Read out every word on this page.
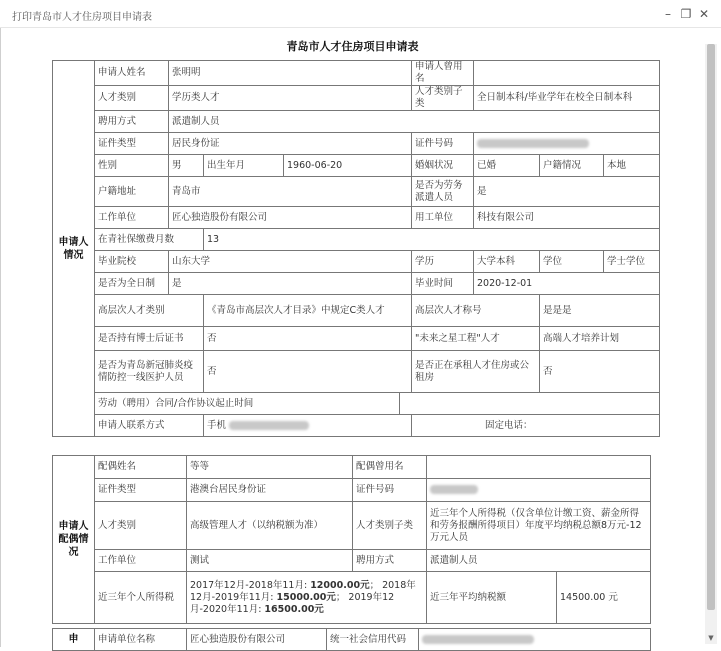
打印青岛市人才住房项目申请表	– ❐ ✕
青岛市人才住房项目申请表
申请人情况	申请人姓名	张明明				申请人曾用名			
	人才类别	学历类人才				人才类别子类	全日制本科/毕业学年在校全日制本科		
	聘用方式	派遣制人员							
	证件类型	居民身份证				证件号码			
	性别	男	出生年月	1960-06-20		婚姻状况	已婚	户籍情况	本地
	户籍地址	青岛市				是否为劳务派遣人员	是		
	工作单位	匠心独造股份有限公司				用工单位	科技有限公司		
	在青社保缴费月数		13						
	毕业院校	山东大学				学历	大学本科	学位	学士学位
	是否为全日制	是				毕业时间	2020-12-01		
	高层次人才类别		《青岛市高层次人才目录》中规定C类人才			高层次人才称号		是是是	
	是否持有博士后证书		否			"未来之星工程"人才		高端人才培养计划	
	是否为青岛新冠肺炎疫情防控一线医护人员		否			是否正在承租人才住房或公租房		否	
	劳动（聘用）合同/合作协议起止时间								
	申请人联系方式		手机			固定电话：			
申请人配偶情况	配偶姓名	等等	配偶曾用名		
	证件类型	港澳台居民身份证	证件号码		
	人才类别	高级管理人才（以纳税额为准）	人才类别子类	近三年个人所得税（仅含单位计缴工资、薪金所得和劳务报酬所得项目）年度平均纳税总额8万元-12万元人员	
	工作单位	测试	聘用方式	派遣制人员	
	近三年个人所得税	2017年12月-2018年11月: 12000.00元； 2018年12月-2019年11月: 15000.00元； 2019年12月-2020年11月: 16500.00元		近三年平均纳税额	14500.00 元
申	申请单位名称	匠心独造股份有限公司	统一社会信用代码		▼
